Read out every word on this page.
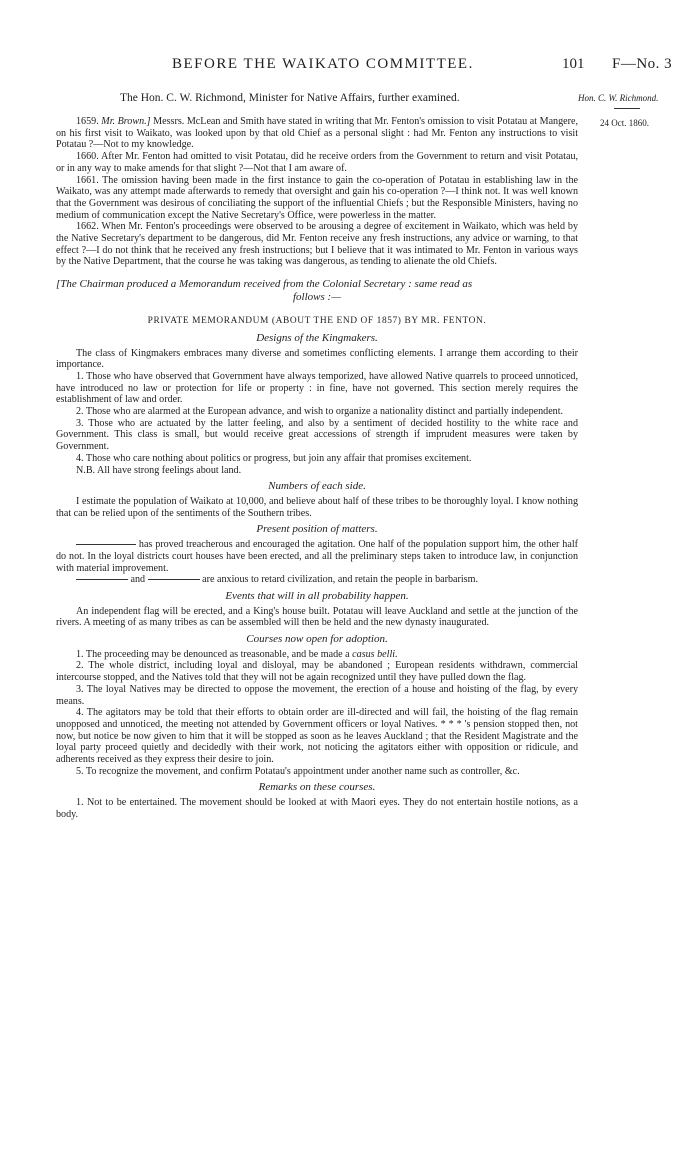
BEFORE THE WAIKATO COMMITTEE.	101 F—No. 3
The Hon. C. W. Richmond, Minister for Native Affairs, further examined.	Hon. C. W. Richmond.
24 Oct. 1860.

1659. Mr. Brown.] Messrs. McLean and Smith have stated in writing that Mr. Fenton's omission to visit Potatau at Mangere, on his first visit to Waikato, was looked upon by that old Chief as a personal slight : had Mr. Fenton any instructions to visit Potatau ?—Not to my knowledge.

1660. After Mr. Fenton had omitted to visit Potatau, did he receive orders from the Government to return and visit Potatau, or in any way to make amends for that slight ?—Not that I am aware of.

1661. The omission having been made in the first instance to gain the co-operation of Potatau in establishing law in the Waikato, was any attempt made afterwards to remedy that oversight and gain his co-operation ?—I think not. It was well known that the Government was desirous of conciliating the support of the influential Chiefs ; but the Responsible Ministers, having no medium of communication except the Native Secretary's Office, were powerless in the matter.

1662. When Mr. Fenton's proceedings were observed to be arousing a degree of excitement in Waikato, which was held by the Native Secretary's department to be dangerous, did Mr. Fenton receive any fresh instructions, any advice or warning, to that effect ?—I do not think that he received any fresh instructions; but I believe that it was intimated to Mr. Fenton in various ways by the Native Department, that the course he was taking was dangerous, as tending to alienate the old Chiefs.

[The Chairman produced a Memorandum received from the Colonial Secretary : same read as
follows :—

PRIVATE MEMORANDUM (ABOUT THE END OF 1857) BY MR. FENTON.

Designs of the Kingmakers.

The class of Kingmakers embraces many diverse and sometimes conflicting elements. I arrange them according to their importance.

1. Those who have observed that Government have always temporized, have allowed Native quarrels to proceed unnoticed, have introduced no law or protection for life or property : in fine, have not governed. This section merely requires the establishment of law and order.

2. Those who are alarmed at the European advance, and wish to organize a nationality distinct and partially independent.

3. Those who are actuated by the latter feeling, and also by a sentiment of decided hostility to the white race and Government. This class is small, but would receive great accessions of strength if imprudent measures were taken by Government.

4. Those who care nothing about politics or progress, but join any affair that promises excitement.

N.B. All have strong feelings about land.

Numbers of each side.

I estimate the population of Waikato at 10,000, and believe about half of these tribes to be thoroughly loyal. I know nothing that can be relied upon of the sentiments of the Southern tribes.

Present position of matters.

has proved treacherous and encouraged the agitation. One half of the population support him, the other half do not. In the loyal districts court houses have been erected, and all the preliminary steps taken to introduce law, in conjunction with material improvement.

and	are anxious to retard civilization, and retain the people in barbarism.

Events that will in all probability happen.

An independent flag will be erected, and a King's house built. Potatau will leave Auckland and settle at the junction of the rivers. A meeting of as many tribes as can be assembled will then be held and the new dynasty inaugurated.

Courses now open for adoption.

1. The proceeding may be denounced as treasonable, and be made a casus belli.

2. The whole district, including loyal and disloyal, may be abandoned ; European residents withdrawn, commercial intercourse stopped, and the Natives told that they will not be again recognized until they have pulled down the flag.

3. The loyal Natives may be directed to oppose the movement, the erection of a house and hoisting of the flag, by every means.

4. The agitators may be told that their efforts to obtain order are ill-directed and will fail, the hoisting of the flag remain unopposed and unnoticed, the meeting not attended by Government officers or loyal Natives. * * * 's pension stopped then, not now, but notice be now given to him that it will be stopped as soon as he leaves Auckland ; that the Resident Magistrate and the loyal party proceed quietly and decidedly with their work, not noticing the agitators either with opposition or ridicule, and adherents received as they express their desire to join.

5. To recognize the movement, and confirm Potatau's appointment under another name such as controller, &c.

Remarks on these courses.

1. Not to be entertained. The movement should be looked at with Maori eyes. They do not entertain hostile notions, as a body.
